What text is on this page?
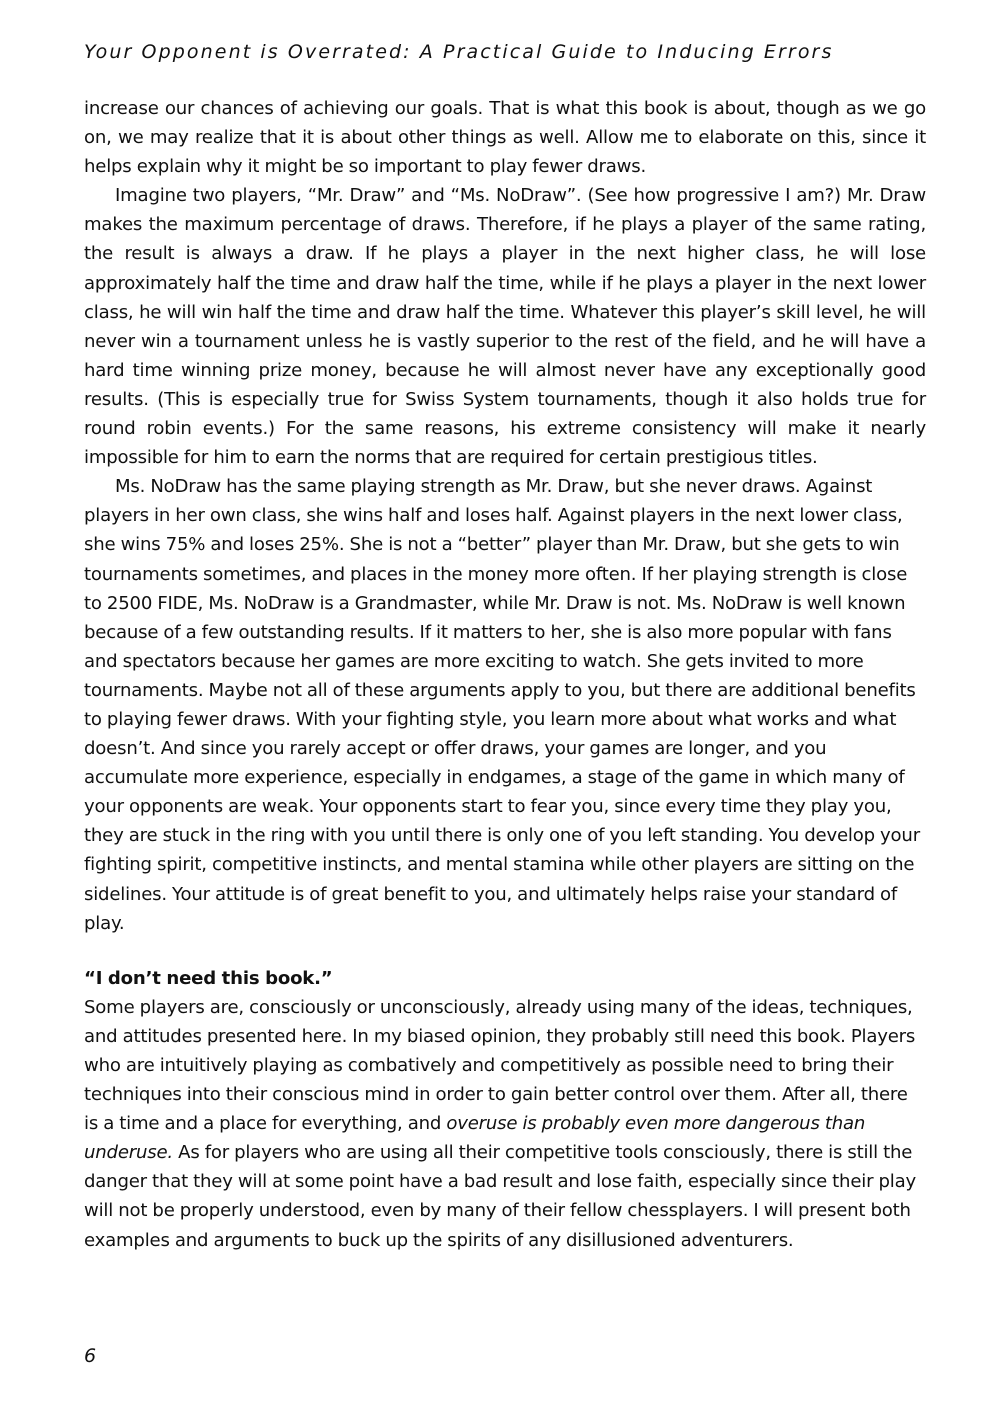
Your Opponent is Overrated: A Practical Guide to Inducing Errors

increase our chances of achieving our goals. That is what this book is about, though as we go on, we may realize that it is about other things as well. Allow me to elaborate on this, since it helps explain why it might be so important to play fewer draws.

Imagine two players, “Mr. Draw” and “Ms. NoDraw”. (See how progressive I am?) Mr. Draw makes the maximum percentage of draws. Therefore, if he plays a player of the same rating, the result is always a draw. If he plays a player in the next higher class, he will lose approximately half the time and draw half the time, while if he plays a player in the next lower class, he will win half the time and draw half the time. Whatever this player’s skill level, he will never win a tournament unless he is vastly superior to the rest of the field, and he will have a hard time winning prize money, because he will almost never have any exceptionally good results. (This is especially true for Swiss System tournaments, though it also holds true for round robin events.) For the same reasons, his extreme consistency will make it nearly impossible for him to earn the norms that are required for certain prestigious titles.

Ms. NoDraw has the same playing strength as Mr. Draw, but she never draws. Against players in her own class, she wins half and loses half. Against players in the next lower class, she wins 75% and loses 25%. She is not a “better” player than Mr. Draw, but she gets to win tournaments sometimes, and places in the money more often. If her playing strength is close to 2500 FIDE, Ms. NoDraw is a Grandmaster, while Mr. Draw is not. Ms. NoDraw is well known because of a few outstanding results. If it matters to her, she is also more popular with fans and spectators because her games are more exciting to watch. She gets invited to more tournaments. Maybe not all of these arguments apply to you, but there are additional benefits to playing fewer draws. With your fighting style, you learn more about what works and what doesn’t. And since you rarely accept or offer draws, your games are longer, and you accumulate more experience, especially in endgames, a stage of the game in which many of your opponents are weak. Your opponents start to fear you, since every time they play you, they are stuck in the ring with you until there is only one of you left standing. You develop your fighting spirit, competitive instincts, and mental stamina while other players are sitting on the sidelines. Your attitude is of great benefit to you, and ultimately helps raise your standard of play.

“I don’t need this book.”

Some players are, consciously or unconsciously, already using many of the ideas, techniques, and attitudes presented here. In my biased opinion, they probably still need this book. Players who are intuitively playing as combatively and competitively as possible need to bring their techniques into their conscious mind in order to gain better control over them. After all, there is a time and a place for everything, and overuse is probably even more dangerous than underuse. As for players who are using all their competitive tools consciously, there is still the danger that they will at some point have a bad result and lose faith, especially since their play will not be properly understood, even by many of their fellow chessplayers. I will present both examples and arguments to buck up the spirits of any disillusioned adventurers.

6
